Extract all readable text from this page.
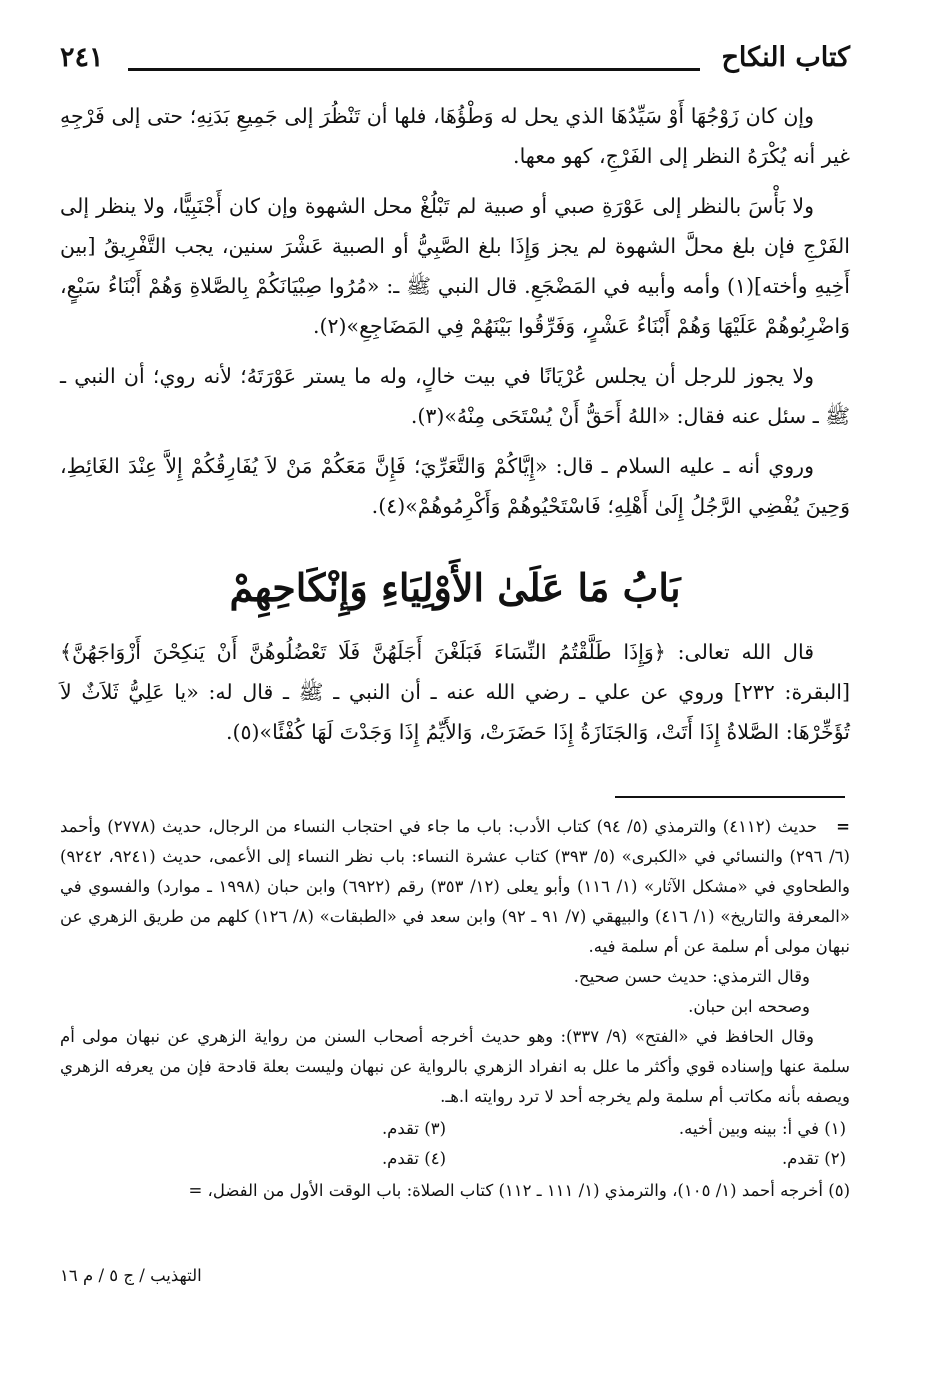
٢٤١	كتاب النكاح

وإن كان زَوْجُهَا أَوْ سَيِّدُهَا الذي يحل له وَطْؤُهَا، فلها أن تَنْظُرَ إلى جَمِيعِ بَدَنِهِ؛ حتى إلى فَرْجِهِ غير أنه يُكْرَهُ النظر إلى الفَرْجِ، كهو معها.

ولا بَأْسَ بالنظر إلى عَوْرَةِ صبي أو صبية لم تَبْلُغْ محل الشهوة وإن كان أَجْنَبِيًّا، ولا ينظر إلى الفَرْجِ فإن بلغ محلَّ الشهوة لم يجز وَإِذَا بلغ الصَّبِيُّ أو الصبية عَشْرَ سنين، يجب التَّفْرِيقُ [بين أَخِيهِ وأخته](١) وأمه وأبيه في المَضْجَعِ. قال النبي ﷺ ـ: «مُرُوا صِبْيَانَكُمْ بِالصَّلاةِ وَهُمْ أَبْنَاءُ سَبْعٍ، وَاضْرِبُوهُمْ عَلَيْهَا وَهُمْ أَبْنَاءُ عَشْرٍ، وَفَرِّقُوا بَيْنَهُمْ فِي المَضَاجِعِ»(٢).

ولا يجوز للرجل أن يجلس عُرْيَانًا في بيت خالٍ، وله ما يستر عَوْرَتَهُ؛ لأنه روي؛ أن النبي ـ ﷺ ـ سئل عنه فقال: «اللهُ أَحَقُّ أَنْ يُسْتَحَى مِنْهُ»(٣).

وروي أنه ـ عليه السلام ـ قال: «إِيَّاكُمْ وَالتَّعَرِّيَ؛ فَإِنَّ مَعَكُمْ مَنْ لاَ يُفَارِقُكُمْ إِلاَّ عِنْدَ الغَائِطِ، وَحِينَ يُفْضِي الرَّجُلُ إِلَىٰ أَهْلِهِ؛ فَاسْتَحْيُوهُمْ وَأَكْرِمُوهُمْ»(٤).

بَابُ مَا عَلَىٰ الأَوْلِيَاءِ وَإِنْكَاحِهِمْ

قال الله تعالى: ﴿وَإِذَا طَلَّقْتُمُ النِّسَاءَ فَبَلَغْنَ أَجَلَهُنَّ فَلَا تَعْضُلُوهُنَّ أَنْ يَنكِحْنَ أَزْوَاجَهُنَّ﴾ [البقرة: ٢٣٢] وروي عن علي ـ رضي الله عنه ـ أن النبي ـ ﷺ ـ قال له: «يا عَلِيُّ ثَلاَثٌ لاَ تُؤَخِّرْهَا: الصَّلاةُ إِذَا أَتَتْ، وَالجَنَازَةُ إِذَا حَضَرَتْ، وَالأَيِّمُ إِذَا وَجَدْتَ لَهَا كُفْئًا»(٥).

=   حديث (٤١١٢) والترمذي (٥/ ٩٤) كتاب الأدب: باب ما جاء في احتجاب النساء من الرجال، حديث (٢٧٧٨) وأحمد (٦/ ٢٩٦) والنسائي في «الكبرى» (٥/ ٣٩٣) كتاب عشرة النساء: باب نظر النساء إلى الأعمى، حديث (٩٢٤١، ٩٢٤٢) والطحاوي في «مشكل الآثار» (١/ ١١٦) وأبو يعلى (١٢/ ٣٥٣) رقم (٦٩٢٢) وابن حبان (١٩٩٨ ـ موارد) والفسوي في «المعرفة والتاريخ» (١/ ٤١٦) والبيهقي (٧/ ٩١ ـ ٩٢) وابن سعد في «الطبقات» (٨/ ١٢٦) كلهم من طريق الزهري عن نبهان مولى أم سلمة عن أم سلمة فيه.

وقال الترمذي: حديث حسن صحيح.

وصححه ابن حبان.

وقال الحافظ في «الفتح» (٩/ ٣٣٧): وهو حديث أخرجه أصحاب السنن من رواية الزهري عن نبهان مولى أم سلمة عنها وإسناده قوي وأكثر ما علل به انفراد الزهري بالرواية عن نبهان وليست بعلة قادحة فإن من يعرفه الزهري ويصفه بأنه مكاتب أم سلمة ولم يخرجه أحد لا ترد روايته ا.هـ.

(١) في أ: بينه وبين أخيه.
(٣) تقدم.
(٢) تقدم.
(٤) تقدم.

(٥) أخرجه أحمد (١/ ١٠٥)، والترمذي (١/ ١١١ ـ ١١٢) كتاب الصلاة: باب الوقت الأول من الفضل، =

التهذيب / ج ٥ / م ١٦
